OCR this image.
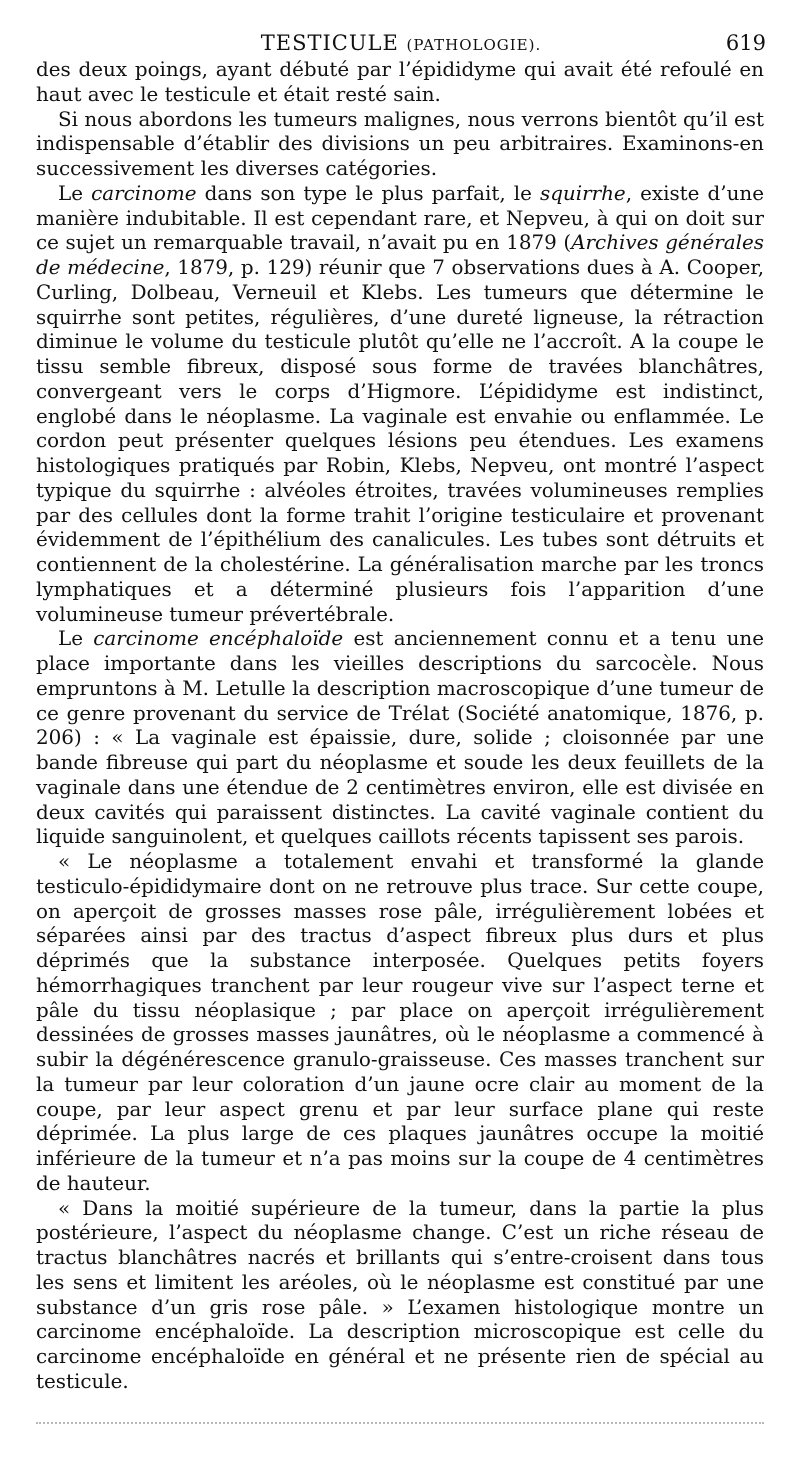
TESTICULE (PATHOLOGIE).	619

des deux poings, ayant débuté par l’épididyme qui avait été refoulé en haut avec le testicule et était resté sain.

Si nous abordons les tumeurs malignes, nous verrons bientôt qu’il est indispensable d’établir des divisions un peu arbitraires. Examinons-en successivement les diverses catégories.

Le carcinome dans son type le plus parfait, le squirrhe, existe d’une manière indubitable. Il est cependant rare, et Nepveu, à qui on doit sur ce sujet un remarquable travail, n’avait pu en 1879 (Archives générales de médecine, 1879, p. 129) réunir que 7 observations dues à A. Cooper, Curling, Dolbeau, Verneuil et Klebs. Les tumeurs que détermine le squirrhe sont petites, régulières, d’une dureté ligneuse, la rétraction diminue le volume du testicule plutôt qu’elle ne l’accroît. A la coupe le tissu semble fibreux, disposé sous forme de travées blanchâtres, convergeant vers le corps d’Higmore. L’épididyme est indistinct, englobé dans le néoplasme. La vaginale est envahie ou enflammée. Le cordon peut présenter quelques lésions peu étendues. Les examens histologiques pratiqués par Robin, Klebs, Nepveu, ont montré l’aspect typique du squirrhe : alvéoles étroites, travées volumineuses remplies par des cellules dont la forme trahit l’origine testiculaire et provenant évidemment de l’épithélium des canalicules. Les tubes sont détruits et contiennent de la cholestérine. La généralisation marche par les troncs lymphatiques et a déterminé plusieurs fois l’apparition d’une volumineuse tumeur prévertébrale.

Le carcinome encéphaloïde est anciennement connu et a tenu une place importante dans les vieilles descriptions du sarcocèle. Nous empruntons à M. Letulle la description macroscopique d’une tumeur de ce genre provenant du service de Trélat (Société anatomique, 1876, p. 206) : « La vaginale est épaissie, dure, solide ; cloisonnée par une bande fibreuse qui part du néoplasme et soude les deux feuillets de la vaginale dans une étendue de 2 centimètres environ, elle est divisée en deux cavités qui paraissent distinctes. La cavité vaginale contient du liquide sanguinolent, et quelques caillots récents tapissent ses parois.

« Le néoplasme a totalement envahi et transformé la glande testiculo-épididymaire dont on ne retrouve plus trace. Sur cette coupe, on aperçoit de grosses masses rose pâle, irrégulièrement lobées et séparées ainsi par des tractus d’aspect fibreux plus durs et plus déprimés que la substance interposée. Quelques petits foyers hémorrhagiques tranchent par leur rougeur vive sur l’aspect terne et pâle du tissu néoplasique ; par place on aperçoit irrégulièrement dessinées de grosses masses jaunâtres, où le néoplasme a commencé à subir la dégénérescence granulo-graisseuse. Ces masses tranchent sur la tumeur par leur coloration d’un jaune ocre clair au moment de la coupe, par leur aspect grenu et par leur surface plane qui reste déprimée. La plus large de ces plaques jaunâtres occupe la moitié inférieure de la tumeur et n’a pas moins sur la coupe de 4 centimètres de hauteur.

« Dans la moitié supérieure de la tumeur, dans la partie la plus postérieure, l’aspect du néoplasme change. C’est un riche réseau de tractus blanchâtres nacrés et brillants qui s’entre-croisent dans tous les sens et limitent les aréoles, où le néoplasme est constitué par une substance d’un gris rose pâle. » L’examen histologique montre un carcinome encéphaloïde. La description microscopique est celle du carcinome encéphaloïde en général et ne présente rien de spécial au testicule.
